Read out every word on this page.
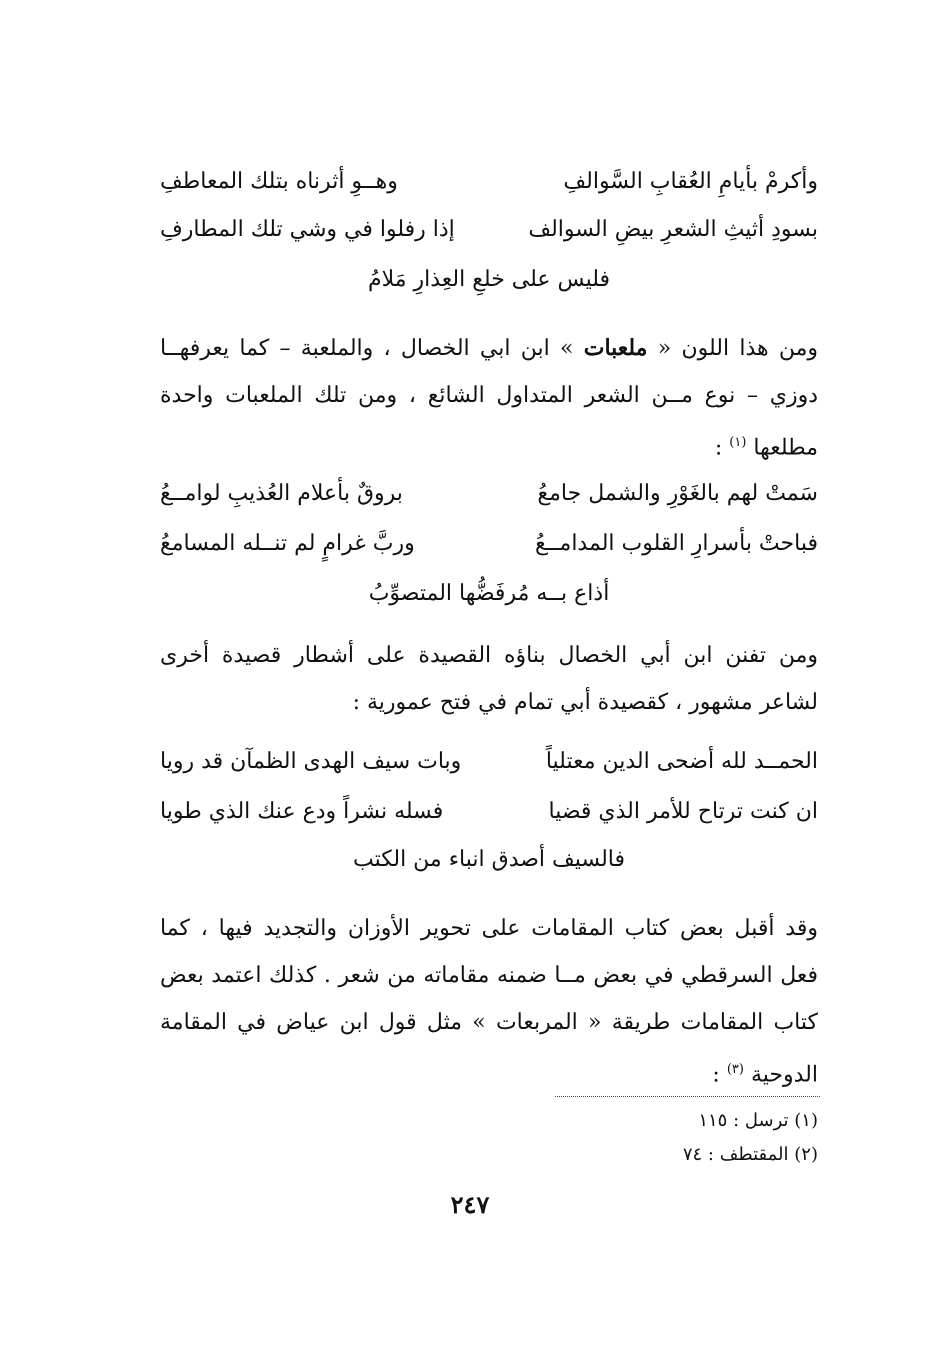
وأكرمْ بأيامِ العُقابِ السَّوالفِ
وهــوِ أثرناه بتلك المعاطفِ
بسودِ أثيثِ الشعرِ بيضِ السوالف
إذا رفلوا في وشي تلك المطارفِ
فليس على خلعِ العِذارِ مَلامُ
ومن هذا اللون « ملعبات » ابن ابي الخصال ، والملعبة – كما يعرفهــا دوزي – نوع مــن الشعر المتداول الشائع ، ومن تلك الملعبات واحدة مطلعها $^{(١)}$ :
سَمتْ لهم بالغَوْرِ والشمل جامعُ
بروقٌ بأعلام العُذيبِ لوامــعُ
فباحتْ بأسرارِ القلوب المدامــعُ
وربَّ غرامٍ لم تنــله المسامعُ
أذاع بــه مُرفَضُّها المتصوِّبُ
ومن تفنن ابن أبي الخصال بناؤه القصيدة على أشطار قصيدة أخرى لشاعر مشهور ، كقصيدة أبي تمام في فتح عمورية :
الحمــد لله أضحى الدين معتلياً
وبات سيف الهدى الظمآن قد رويا
ان كنت ترتاح للأمر الذي قضيا
فسله نشراً ودع عنك الذي طويا
فالسيف أصدق انباء من الكتب
وقد أقبل بعض كتاب المقامات على تحوير الأوزان والتجديد فيها ، كما فعل السرقطي في بعض مــا ضمنه مقاماته من شعر . كذلك اعتمد بعض كتاب المقامات طريقة « المربعات » مثل قول ابن عياض في المقامة الدوحية $^{(٣)}$ :
(١) ترسل : ١١٥
(٢) المقتطف : ٧٤
٢٤٧
